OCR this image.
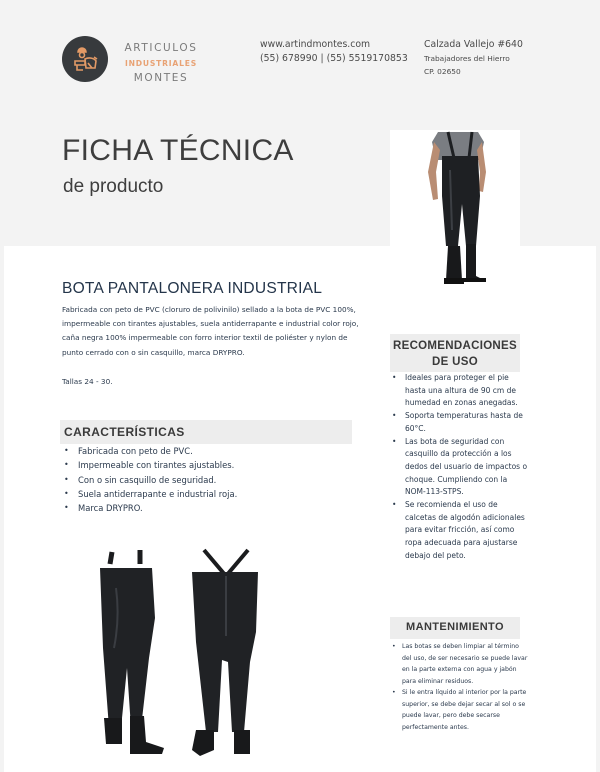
ARTICULOS
INDUSTRIALES
MONTES
www.artindmontes.com
(55) 678990 | (55) 5519170853
Calzada Vallejo #640
Trabajadores del Hierro
CP. 02650
FICHA TÉCNICA
de producto
BOTA PANTALONERA INDUSTRIAL
Fabricada con peto de PVC (cloruro de polivinilo) sellado a la bota de PVC 100%, impermeable con tirantes ajustables, suela antiderrapante e industrial color rojo, caña negra 100% impermeable con forro interior textil de poliéster y nylon de punto cerrado con o sin casquillo, marca DRYPRO.
Tallas 24 - 30.
CARACTERÍSTICAS
• Fabricada con peto de PVC.
• Impermeable con tirantes ajustables.
• Con o sin casquillo de seguridad.
• Suela antiderrapante e industrial roja.
• Marca DRYPRO.
RECOMENDACIONES
DE USO
• Ideales para proteger el pie hasta una altura de 90 cm de humedad en zonas anegadas.
• Soporta temperaturas hasta de 60°C.
• Las bota de seguridad con casquillo da protección a los dedos del usuario de impactos o choque. Cumpliendo con la NOM-113-STPS.
• Se recomienda el uso de calcetas de algodón adicionales para evitar fricción, así como ropa adecuada para ajustarse debajo del peto.
MANTENIMIENTO
• Las botas se deben limpiar al término del uso, de ser necesario se puede lavar en la parte externa con agua y jabón para eliminar residuos.
• Si le entra líquido al interior por la parte superior, se debe dejar secar al sol o se puede lavar, pero debe secarse perfectamente antes.
